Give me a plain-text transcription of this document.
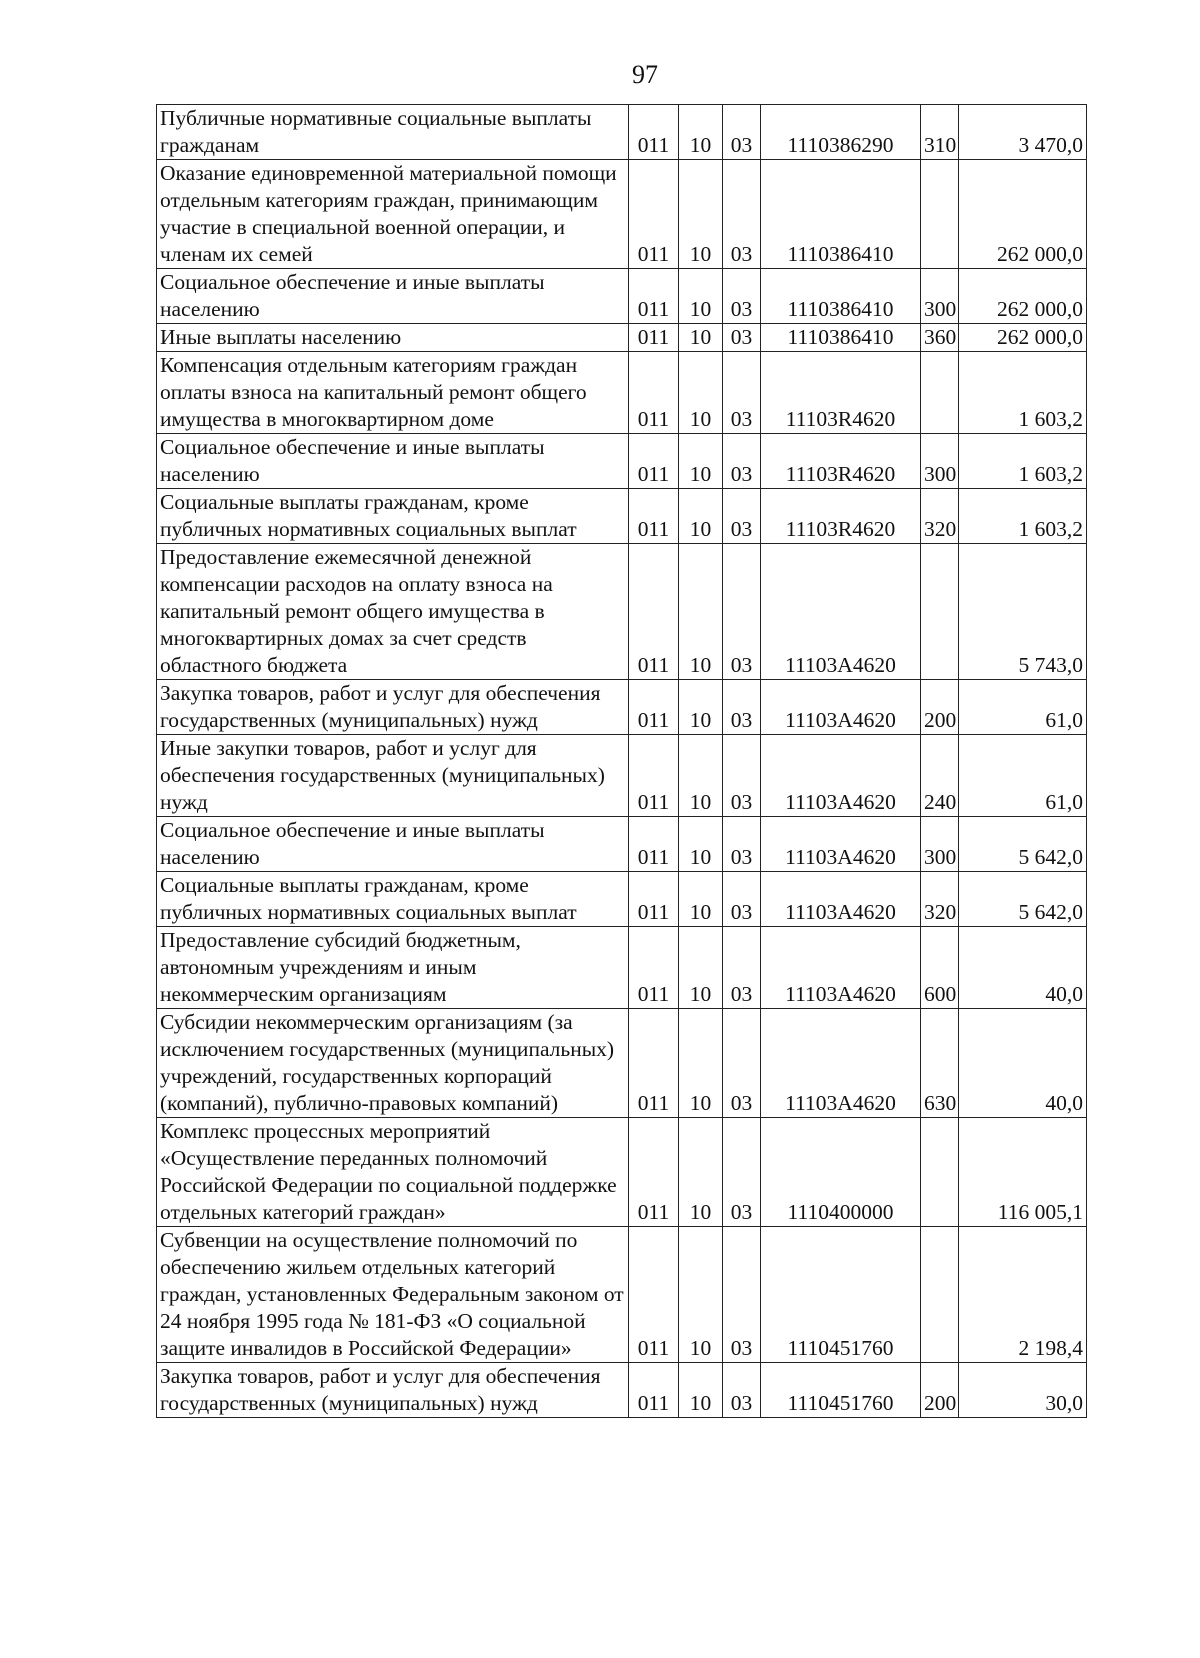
97
Публичные нормативные социальные выплаты гражданам	011	10	03	1110386290	310	3 470,0
Оказание единовременной материальной помощи отдельным категориям граждан, принимающим участие в специальной военной операции, и членам их семей	011	10	03	1110386410		262 000,0
Социальное обеспечение и иные выплаты населению	011	10	03	1110386410	300	262 000,0
Иные выплаты населению	011	10	03	1110386410	360	262 000,0
Компенсация отдельным категориям граждан оплаты взноса на капитальный ремонт общего имущества в многоквартирном доме	011	10	03	11103R4620		1 603,2
Социальное обеспечение и иные выплаты населению	011	10	03	11103R4620	300	1 603,2
Социальные выплаты гражданам, кроме публичных нормативных социальных выплат	011	10	03	11103R4620	320	1 603,2
Предоставление ежемесячной денежной компенсации расходов на оплату взноса на капитальный ремонт общего имущества в многоквартирных домах за счет средств областного бюджета	011	10	03	11103А4620		5 743,0
Закупка товаров, работ и услуг для обеспечения государственных (муниципальных) нужд	011	10	03	11103А4620	200	61,0
Иные закупки товаров, работ и услуг для обеспечения государственных (муниципальных) нужд	011	10	03	11103А4620	240	61,0
Социальное обеспечение и иные выплаты населению	011	10	03	11103А4620	300	5 642,0
Социальные выплаты гражданам, кроме публичных нормативных социальных выплат	011	10	03	11103А4620	320	5 642,0
Предоставление субсидий бюджетным, автономным учреждениям и иным некоммерческим организациям	011	10	03	11103А4620	600	40,0
Субсидии некоммерческим организациям (за исключением государственных (муниципальных) учреждений, государственных корпораций (компаний), публично-правовых компаний)	011	10	03	11103А4620	630	40,0
Комплекс процессных мероприятий «Осуществление переданных полномочий Российской Федерации по социальной поддержке отдельных категорий граждан»	011	10	03	1110400000		116 005,1
Субвенции на осуществление полномочий по обеспечению жильем отдельных категорий граждан, установленных Федеральным законом от 24 ноября 1995 года № 181-ФЗ «О социальной защите инвалидов в Российской Федерации»	011	10	03	1110451760		2 198,4
Закупка товаров, работ и услуг для обеспечения государственных (муниципальных) нужд	011	10	03	1110451760	200	30,0
